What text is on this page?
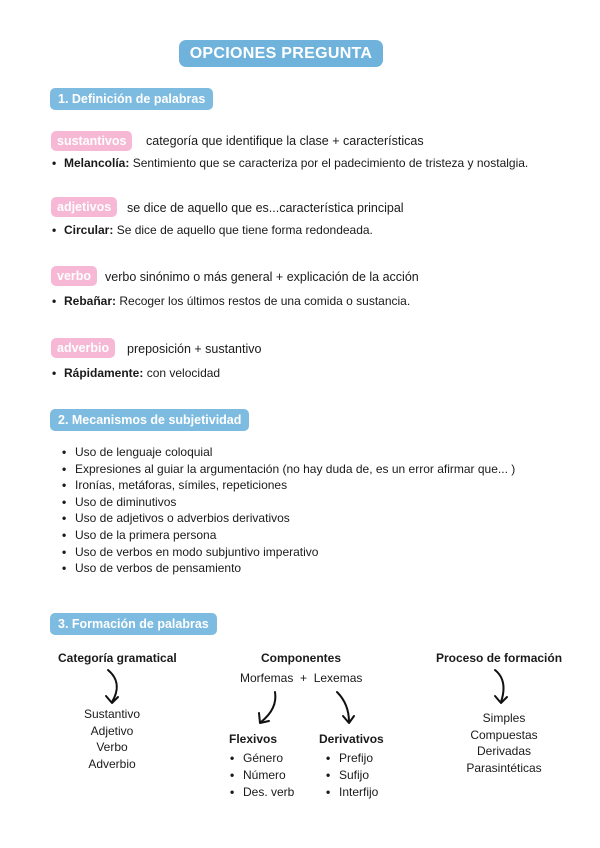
OPCIONES PREGUNTA 4B
1. Definición de palabras
sustantivos	categoría que identifique la clase + características
• Melancolía: Sentimiento que se caracteriza por el padecimiento de tristeza y nostalgia.
adjetivos	se dice de aquello que es...característica principal
• Circular: Se dice de aquello que tiene forma redondeada.
verbo	verbo sinónimo o más general + explicación de la acción
• Rebañar: Recoger los últimos restos de una comida o sustancia.
adverbio	preposición + sustantivo
• Rápidamente: con velocidad
2. Mecanismos de subjetividad
• Uso de lenguaje coloquial
• Expresiones al guiar la argumentación (no hay duda de, es un error afirmar que... )
• Ironías, metáforas, símiles, repeticiones
• Uso de diminutivos
• Uso de adjetivos o adverbios derivativos
• Uso de la primera persona
• Uso de verbos en modo subjuntivo imperativo
• Uso de verbos de pensamiento
3. Formación de palabras
Categoría gramatical
Sustantivo
Adjetivo
Verbo
Adverbio
Componentes
Morfemas + Lexemas
Flexivos
• Género
• Número
• Des. verb
Derivativos
• Prefijo
• Sufijo
• Interfijo
Proceso de formación
Simples
Compuestas
Derivadas
Parasintéticas
